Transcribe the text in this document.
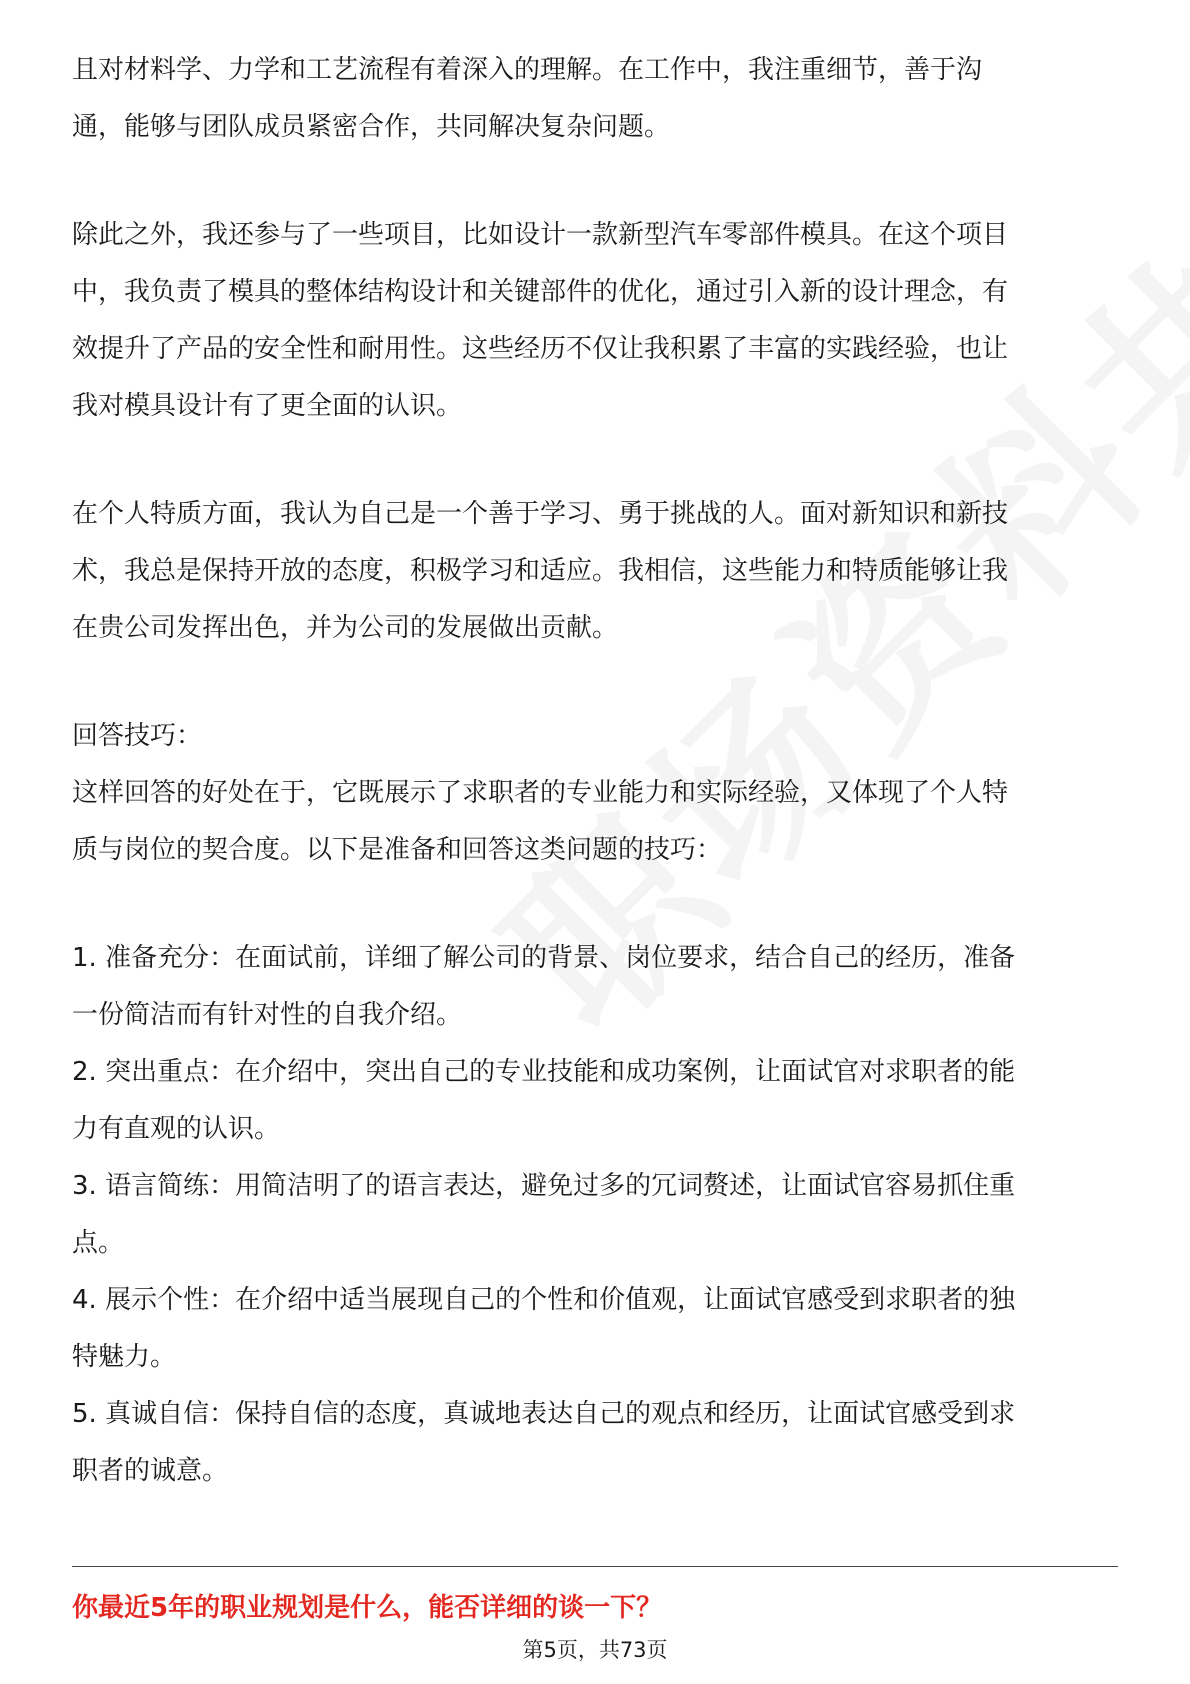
且对材料学、力学和工艺流程有着深入的理解。在工作中，我注重细节，善于沟

通，能够与团队成员紧密合作，共同解决复杂问题。

除此之外，我还参与了一些项目，比如设计一款新型汽车零部件模具。在这个项目

中，我负责了模具的整体结构设计和关键部件的优化，通过引入新的设计理念，有

效提升了产品的安全性和耐用性。这些经历不仅让我积累了丰富的实践经验，也让

我对模具设计有了更全面的认识。

在个人特质方面，我认为自己是一个善于学习、勇于挑战的人。面对新知识和新技

术，我总是保持开放的态度，积极学习和适应。我相信，这些能力和特质能够让我

在贵公司发挥出色，并为公司的发展做出贡献。

回答技巧：

这样回答的好处在于，它既展示了求职者的专业能力和实际经验，又体现了个人特

质与岗位的契合度。以下是准备和回答这类问题的技巧：

1. 准备充分：在面试前，详细了解公司的背景、岗位要求，结合自己的经历，准备

一份简洁而有针对性的自我介绍。

2. 突出重点：在介绍中，突出自己的专业技能和成功案例，让面试官对求职者的能

力有直观的认识。

3. 语言简练：用简洁明了的语言表达，避免过多的冗词赘述，让面试官容易抓住重

点。

4. 展示个性：在介绍中适当展现自己的个性和价值观，让面试官感受到求职者的独

特魅力。

5. 真诚自信：保持自信的态度，真诚地表达自己的观点和经历，让面试官感受到求

职者的诚意。

你最近5年的职业规划是什么，能否详细的谈一下？
第5页，共73页
